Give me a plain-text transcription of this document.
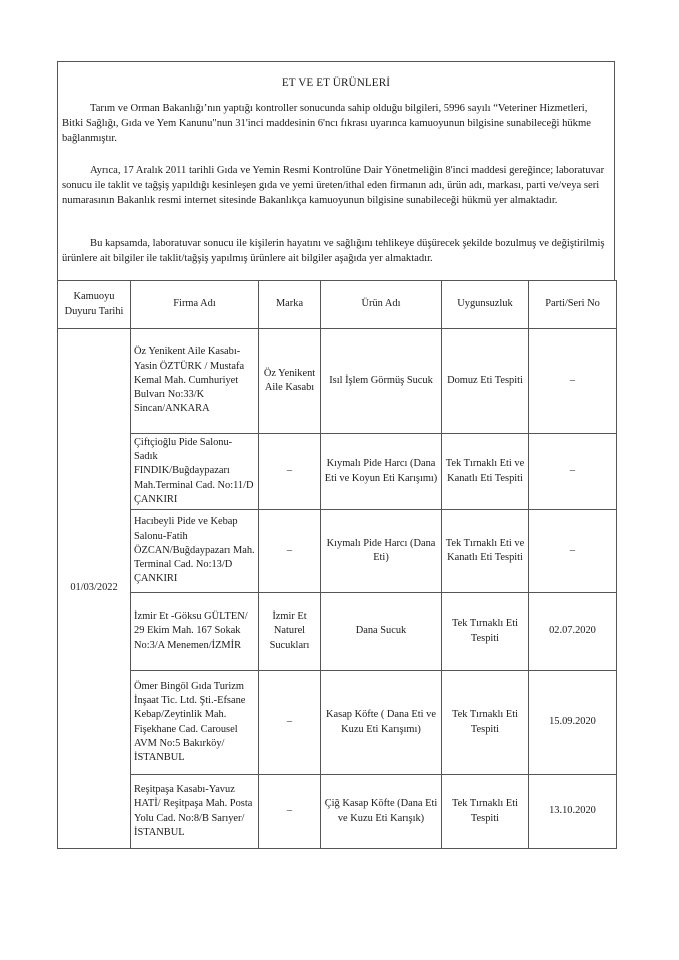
ET VE ET ÜRÜNLERİ
Tarım ve Orman Bakanlığı’nın yaptığı kontroller sonucunda sahip olduğu bilgileri, 5996 sayılı “Veteriner Hizmetleri, Bitki Sağlığı, Gıda ve Yem Kanunu"nun 31'inci maddesinin 6'ncı fıkrası uyarınca kamuoyunun bilgisine sunabileceği hükme bağlanmıştır.
Ayrıca, 17 Aralık 2011 tarihli Gıda ve Yemin Resmi Kontrolüne Dair Yönetmeliğin 8'inci maddesi gereğince; laboratuvar sonucu ile taklit ve tağşiş yapıldığı kesinleşen gıda ve yemi üreten/ithal eden firmanın adı, ürün adı, markası, parti ve/veya seri numarasının Bakanlık resmi internet sitesinde Bakanlıkça kamuoyunun bilgisine sunabileceği hükmü yer almaktadır.
Bu kapsamda, laboratuvar sonucu ile kişilerin hayatını ve sağlığını tehlikeye düşürecek şekilde bozulmuş ve değiştirilmiş ürünlere ait bilgiler ile taklit/tağşiş yapılmış ürünlere ait bilgiler aşağıda yer almaktadır.
Kamuoyu Duyuru Tarihi	Firma Adı	Marka	Ürün Adı	Uygunsuzluk	Parti/Seri No
01/03/2022	Öz Yenikent Aile Kasabı-Yasin ÖZTÜRK / Mustafa Kemal Mah. Cumhuriyet Bulvarı No:33/K Sincan/ANKARA	Öz Yenikent Aile Kasabı	Isıl İşlem Görmüş Sucuk	Domuz Eti Tespiti	–
	Çiftçioğlu Pide Salonu-Sadık FINDIK/Buğdaypazarı Mah.Terminal Cad. No:11/D ÇANKIRI	–	Kıymalı Pide Harcı (Dana Eti ve Koyun Eti Karışımı)	Tek Tırnaklı Eti ve Kanatlı Eti Tespiti	–
	Hacıbeyli Pide ve Kebap Salonu-Fatih ÖZCAN/Buğdaypazarı Mah. Terminal Cad. No:13/D ÇANKIRI	–	Kıymalı Pide Harcı (Dana Eti)	Tek Tırnaklı Eti ve Kanatlı Eti Tespiti	–
	İzmir Et -Göksu GÜLTEN/ 29 Ekim Mah. 167 Sokak No:3/A Menemen/İZMİR	İzmir Et Naturel Sucukları	Dana Sucuk	Tek Tırnaklı Eti Tespiti	02.07.2020
	Ömer Bingöl Gıda Turizm İnşaat Tic. Ltd. Şti.-Efsane Kebap/Zeytinlik Mah. Fişekhane Cad. Carousel AVM No:5 Bakırköy/İSTANBUL	–	Kasap Köfte ( Dana Eti ve Kuzu Eti Karışımı)	Tek Tırnaklı Eti Tespiti	15.09.2020
	Reşitpaşa Kasabı-Yavuz HATİ/ Reşitpaşa Mah. Posta Yolu Cad. No:8/B Sarıyer/İSTANBUL	–	Çiğ Kasap Köfte (Dana Eti ve Kuzu Eti Karışık)	Tek Tırnaklı Eti Tespiti	13.10.2020
